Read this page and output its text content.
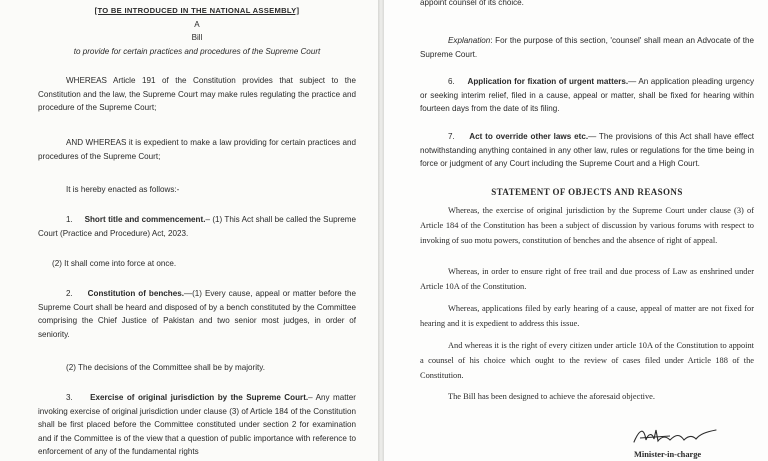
[TO BE INTRODUCED IN THE NATIONAL ASSEMBLY]

A

Bill

to provide for certain practices and procedures of the Supreme Court

WHEREAS Article 191 of the Constitution provides that subject to the Constitution and the law, the Supreme Court may make rules regulating the practice and procedure of the Supreme Court;

AND WHEREAS it is expedient to make a law providing for certain practices and procedures of the Supreme Court;

It is hereby enacted as follows:-

1. Short title and commencement.– (1) This Act shall be called the Supreme Court (Practice and Procedure) Act, 2023.

(2) It shall come into force at once.

2. Constitution of benches.—(1) Every cause, appeal or matter before the Supreme Court shall be heard and disposed of by a bench constituted by the Committee comprising the Chief Justice of Pakistan and two senior most judges, in order of seniority.

(2) The decisions of the Committee shall be by majority.

3. Exercise of original jurisdiction by the Supreme Court.– Any matter invoking exercise of original jurisdiction under clause (3) of Article 184 of the Constitution shall be first placed before the Committee constituted under section 2 for examination and if the Committee is of the view that a question of public importance with reference to enforcement of any of the fundamental rights

appoint counsel of its choice.

Explanation: For the purpose of this section, 'counsel' shall mean an Advocate of the Supreme Court.

6. Application for fixation of urgent matters.— An application pleading urgency or seeking interim relief, filed in a cause, appeal or matter, shall be fixed for hearing within fourteen days from the date of its filing.

7. Act to override other laws etc.— The provisions of this Act shall have effect notwithstanding anything contained in any other law, rules or regulations for the time being in force or judgment of any Court including the Supreme Court and a High Court.

STATEMENT OF OBJECTS AND REASONS

Whereas, the exercise of original jurisdiction by the Supreme Court under clause (3) of Article 184 of the Constitution has been a subject of discussion by various forums with respect to invoking of suo motu powers, constitution of benches and the absence of right of appeal.

Whereas, in order to ensure right of free trail and due process of Law as enshrined under Article 10A of the Constitution.

Whereas, applications filed by early hearing of a cause, appeal of matter are not fixed for hearing and it is expedient to address this issue.

And whereas it is the right of every citizen under article 10A of the Constitution to appoint a counsel of his choice which ought to the review of cases filed under Article 188 of the Constitution.

The Bill has been designed to achieve the aforesaid objective.

Minister-in-charge
